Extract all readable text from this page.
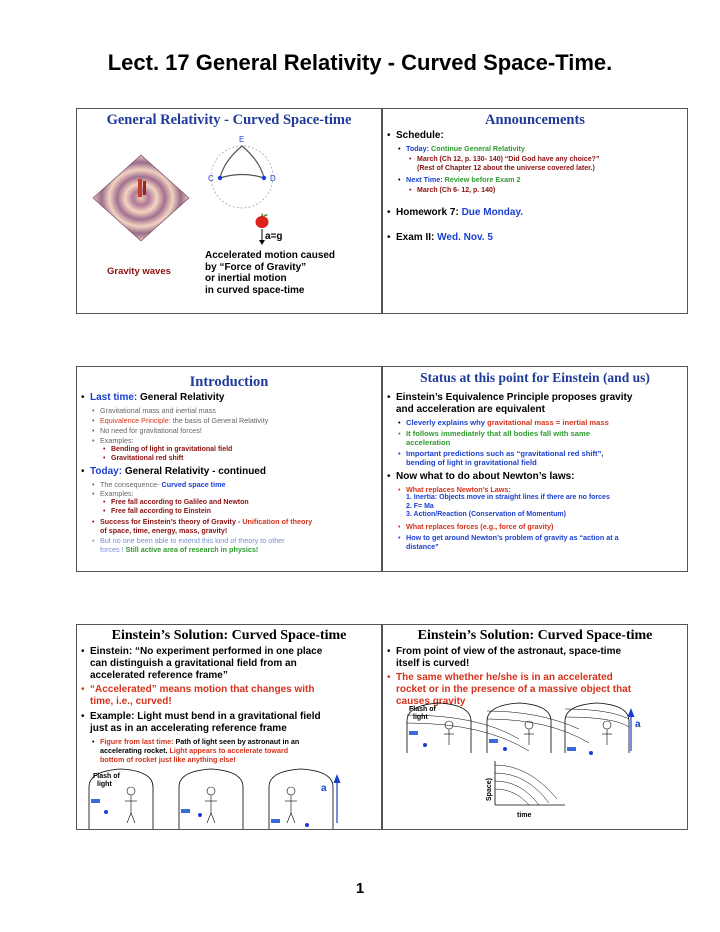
Lect. 17 General Relativity - Curved Space-Time.
General Relativity - Curved Space-time
E
C	D
a=g
Gravity waves
Accelerated motion caused
by “Force of Gravity”
or inertial motion
in curved space-time
Announcements
• Schedule:
• Today: Continue General Relativity
• March (Ch 12, p. 130- 140) “Did God have any choice?”
(Rest of Chapter 12 about the universe covered later.)
• Next Time: Review before Exam 2
• March (Ch 6- 12, p. 140)
• Homework 7: Due Monday.
• Exam II: Wed. Nov. 5
Introduction
• Last time: General Relativity
• Gravitational mass and inertial mass
• Equivalence Principle: the basis of General Relativity
• No need for gravitational forces!
• Examples:
• Bending of light in gravitational field
• Gravitational red shift
• Today: General Relativity - continued
• The consequence- Curved space time
• Examples:
• Free fall according to Galileo and Newton
• Free fall according to Einstein
• Success for Einstein’s theory of Gravity - Unification of theory
of space, time, energy, mass, gravity!
• But no one been able to extend this kind of theory to other
forces ! Still active area of research in physics!
Status at this point for Einstein (and us)
• Einstein’s Equivalence Principle proposes gravity
and acceleration are equivalent
• Cleverly explains why gravitational mass = inertial mass
• It follows immediately that all bodies fall with same
acceleration
• Important predictions such as “gravitational red shift”,
bending of light in gravitational field
• Now what to do about Newton’s laws:
• What replaces Newton’s Laws:
1. Inertia: Objects move in straight lines if there are no forces
2. F= Ma
3. Action/Reaction (Conservation of Momentum)
• What replaces forces (e.g., force of gravity)
• How to get around Newton’s problem of gravity as “action at a
distance”
Einstein’s Solution: Curved Space-time
• Einstein: “No experiment performed in one place
can distinguish a gravitational field from an
accelerated reference frame”
• “Accelerated” means motion that changes with
time, i.e., curved!
• Example: Light must bend in a gravitational field
just as in an accelerating reference frame
• Figure from last time: Path of light seen by astronaut in an
accelerating rocket. Light appears to accelerate toward
bottom of rocket just like anything else!
Flash of
light	a
Einstein’s Solution: Curved Space-time
• From point of view of the astronaut, space-time
itself is curved!
• The same whether he/she is in an accelerated
rocket or in the presence of a massive object that
causes gravity
Flash of
light
a
Space)
time
1
